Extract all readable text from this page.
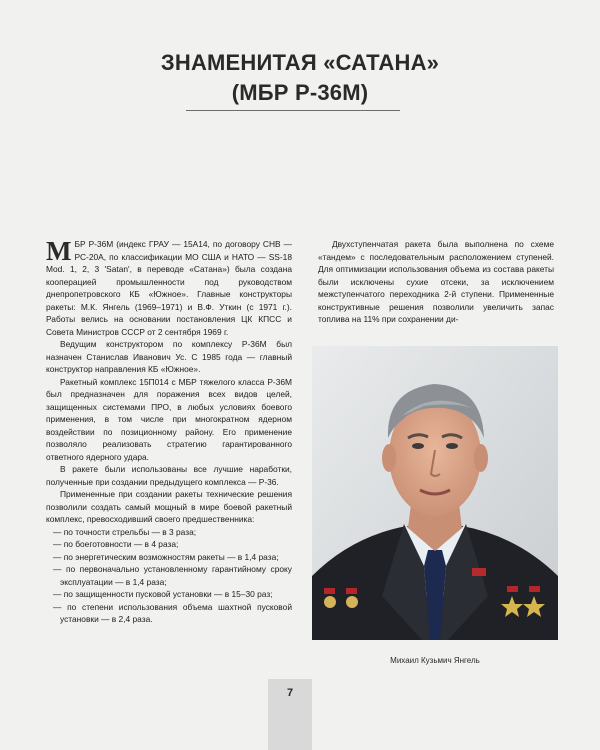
ЗНАМЕНИТАЯ «САТАНА»
(МБР Р-36М)

МБР Р-36М (индекс ГРАУ — 15А14, по договору СНВ — РС-20А, по классификации МО США и НАТО — SS-18 Mod. 1, 2, 3 'Satan', в переводе «Сатана») была создана кооперацией промышленности под руководством днепропетровского КБ «Южное». Главные конструкторы ракеты: М.К. Янгель (1969–1971) и В.Ф. Уткин (с 1971 г.). Работы велись на основании постановления ЦК КПСС и Совета Министров СССР от 2 сентября 1969 г.

Ведущим конструктором по комплексу Р-36М был назначен Станислав Иванович Ус. С 1985 года — главный конструктор направления КБ «Южное».

Ракетный комплекс 15П014 с МБР тяжелого класса Р-36М был предназначен для поражения всех видов целей, защищенных системами ПРО, в любых условиях боевого применения, в том числе при многократном ядерном воздействии по позиционному району. Его применение позволяло реализовать стратегию гарантированного ответного ядерного удара.

В ракете были использованы все лучшие наработки, полученные при создании предыдущего комплекса — Р-36.

Примененные при создании ракеты технические решения позволили создать самый мощный в мире боевой ракетный комплекс, превосходивший своего предшественника:

— по точности стрельбы — в 3 раза;
— по боеготовности — в 4 раза;
— по энергетическим возможностям ракеты — в 1,4 раза;
— по первоначально установленному гарантийному сроку эксплуатации — в 1,4 раза;
— по защищенности пусковой установки — в 15–30 раз;
— по степени использования объема шахтной пусковой установки — в 2,4 раза.

Двухступенчатая ракета была выполнена по схеме «тандем» с последовательным расположением ступеней. Для оптимизации использования объема из состава ракеты были исключены сухие отсеки, за исключением межступенчатого переходника 2-й ступени. Примененные конструктивные решения позволили увеличить запас топлива на 11% при сохранении ди-

Михаил Кузьмич Янгель
7
